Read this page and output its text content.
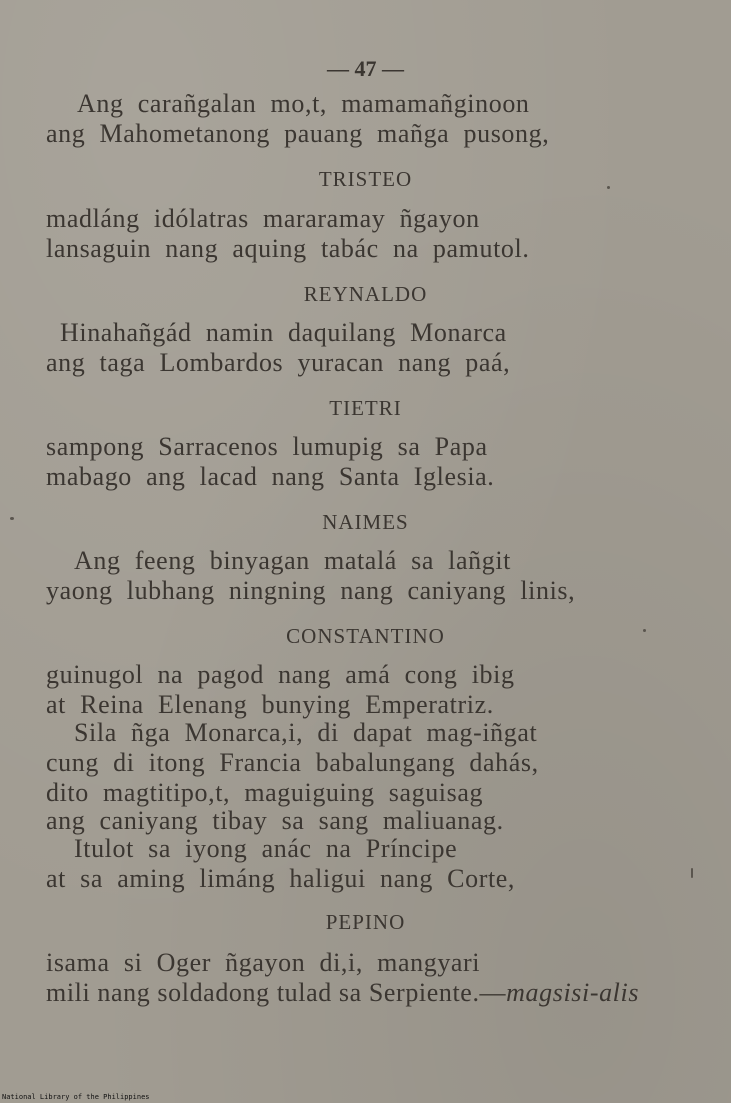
— 47 —
Ang  carañgalan  mo,t,  mamamañginoon
ang  Mahometanong  pauang  mañga  pusong,
TRISTEO
madláng  idólatras  mararamay  ñgayon
lansaguin  nang  aquing  tabác  na  pamutol.
REYNALDO
Hinahañgád  namin  daquilang  Monarca
ang  taga  Lombardos  yuracan  nang  paá,
TIETRI
sampong  Sarracenos  lumupig  sa  Papa
mabago  ang  lacad  nang  Santa  Iglesia.
NAIMES
Ang  feeng  binyagan  matalá  sa  lañgit
yaong  lubhang  ningning  nang  caniyang  linis,
CONSTANTINO
guinugol  na  pagod  nang  amá  cong  ibig
at  Reina  Elenang  bunying  Emperatriz.
Sila  ñga  Monarca,i,  di  dapat  mag-iñgat
cung  di  itong  Francia  babalungang  dahás,
dito  magtitipo,t,  maguiguing  saguisag
ang  caniyang  tibay  sa  sang  maliuanag.
Itulot  sa  iyong  anác  na  Príncipe
at  sa  aming  limáng  haligui  nang  Corte,
PEPINO
isama  si  Oger  ñgayon  di,i,  mangyari
mili nang soldadong tulad sa Serpiente.—magsisi-alis
National Library of the Philippines
